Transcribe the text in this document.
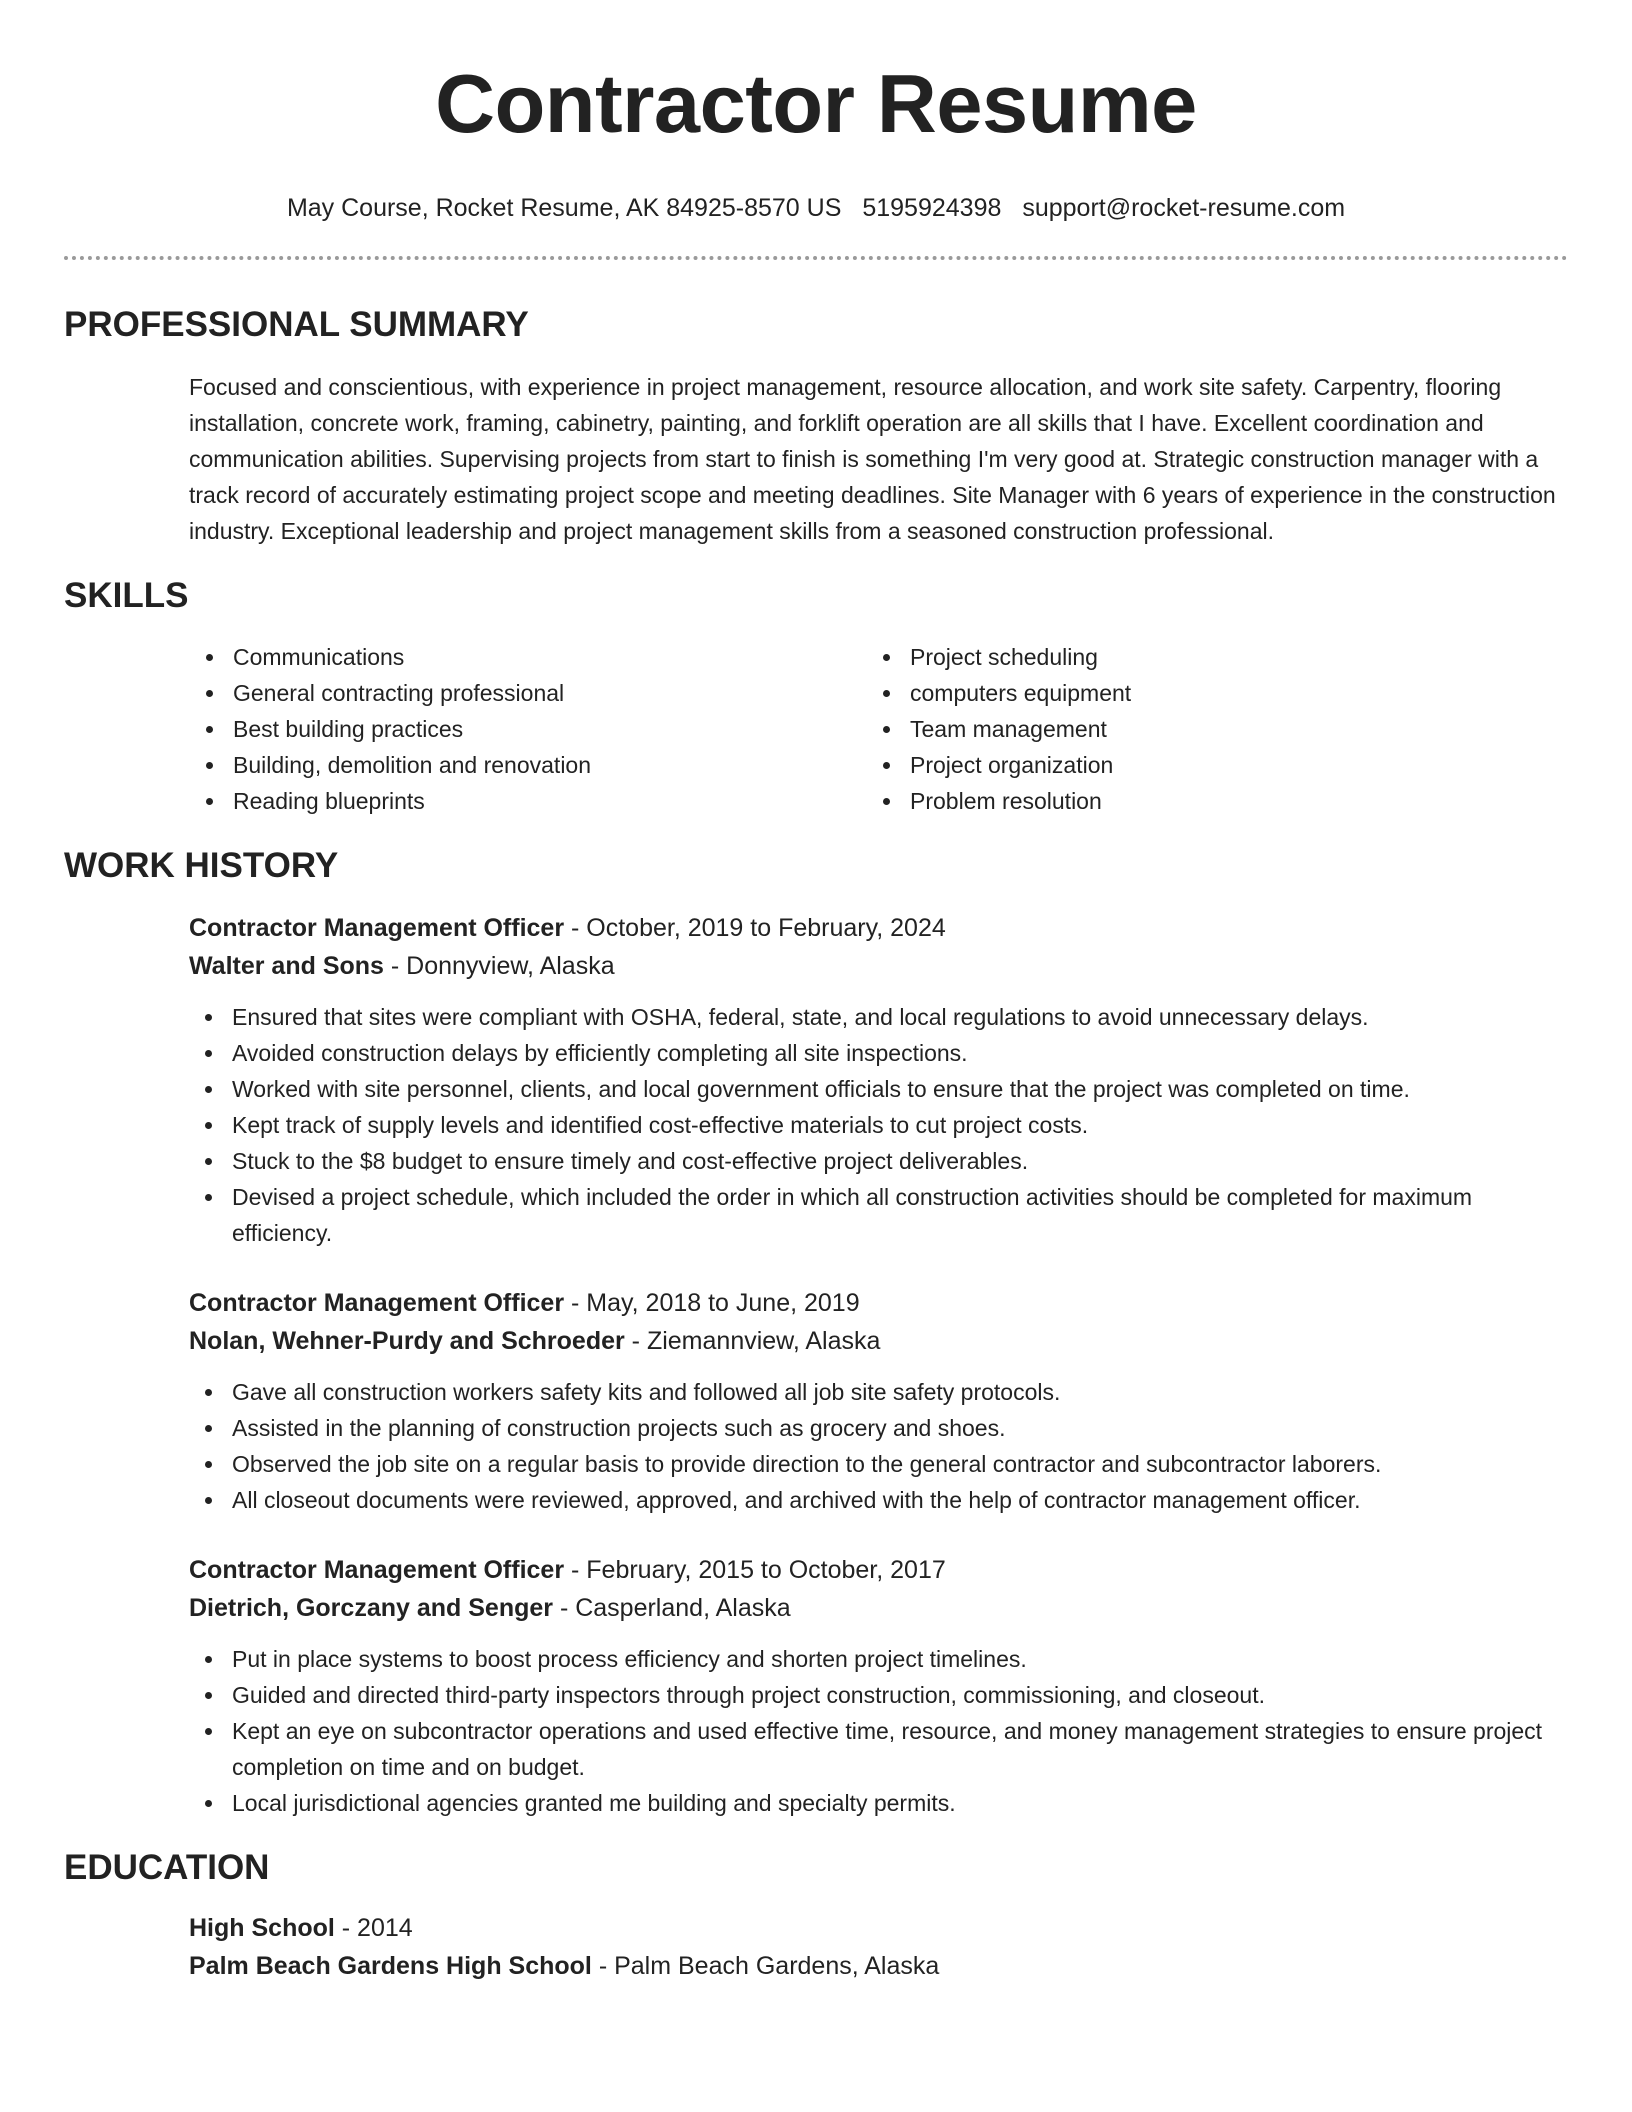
Contractor Resume
May Course, Rocket Resume, AK 84925-8570 US 5195924398 support@rocket-resume.com
PROFESSIONAL SUMMARY

Focused and conscientious, with experience in project management, resource allocation, and work site safety. Carpentry, flooring installation, concrete work, framing, cabinetry, painting, and forklift operation are all skills that I have. Excellent coordination and communication abilities. Supervising projects from start to finish is something I'm very good at. Strategic construction manager with a track record of accurately estimating project scope and meeting deadlines. Site Manager with 6 years of experience in the construction industry. Exceptional leadership and project management skills from a seasoned construction professional.

SKILLS
Communications
General contracting professional
Best building practices
Building, demolition and renovation
Reading blueprints
Project scheduling
computers equipment
Team management
Project organization
Problem resolution
WORK HISTORY
Contractor Management Officer - October, 2019 to February, 2024
Walter and Sons - Donnyview, Alaska
Ensured that sites were compliant with OSHA, federal, state, and local regulations to avoid unnecessary delays.
Avoided construction delays by efficiently completing all site inspections.
Worked with site personnel, clients, and local government officials to ensure that the project was completed on time.
Kept track of supply levels and identified cost-effective materials to cut project costs.
Stuck to the $8 budget to ensure timely and cost-effective project deliverables.
Devised a project schedule, which included the order in which all construction activities should be completed for maximum efficiency.
Contractor Management Officer - May, 2018 to June, 2019
Nolan, Wehner-Purdy and Schroeder - Ziemannview, Alaska
Gave all construction workers safety kits and followed all job site safety protocols.
Assisted in the planning of construction projects such as grocery and shoes.
Observed the job site on a regular basis to provide direction to the general contractor and subcontractor laborers.
All closeout documents were reviewed, approved, and archived with the help of contractor management officer.
Contractor Management Officer - February, 2015 to October, 2017
Dietrich, Gorczany and Senger - Casperland, Alaska
Put in place systems to boost process efficiency and shorten project timelines.
Guided and directed third-party inspectors through project construction, commissioning, and closeout.
Kept an eye on subcontractor operations and used effective time, resource, and money management strategies to ensure project completion on time and on budget.
Local jurisdictional agencies granted me building and specialty permits.
EDUCATION
High School - 2014
Palm Beach Gardens High School - Palm Beach Gardens, Alaska
